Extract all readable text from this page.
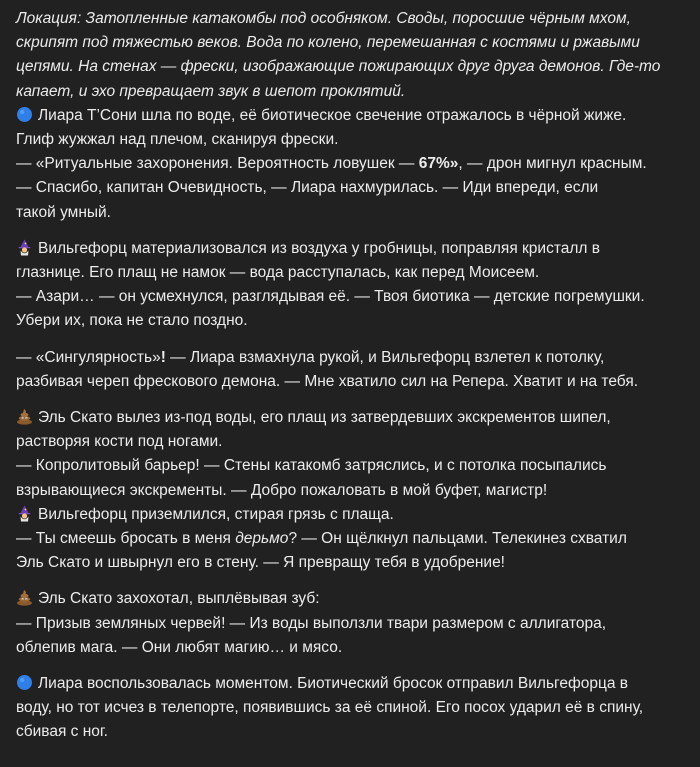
Локация: Затопленные катакомбы под особняком. Своды, поросшие чёрным мхом,
скрипят под тяжестью веков. Вода по колено, перемешанная с костями и ржавыми
цепями. На стенах — фрески, изображающие пожирающих друг друга демонов. Где-то
капает, и эхо превращает звук в шепот проклятий.
Лиара Т’Сони шла по воде, её биотическое свечение отражалось в чёрной жиже.
Глиф жужжал над плечом, сканируя фрески.
— «Ритуальные захоронения. Вероятность ловушек — 67%», — дрон мигнул красным.
— Спасибо, капитан Очевидность, — Лиара нахмурилась. — Иди впереди, если
такой умный.
Вильгефорц материализовался из воздуха у гробницы, поправляя кристалл в
глазнице. Его плащ не намок — вода расступалась, как перед Моисеем.
— Азари… — он усмехнулся, разглядывая её. — Твоя биотика — детские погремушки.
Убери их, пока не стало поздно.
— «Сингулярность»! — Лиара взмахнула рукой, и Вильгефорц взлетел к потолку,
разбивая череп фрескового демона. — Мне хватило сил на Репера. Хватит и на тебя.
Эль Скато вылез из-под воды, его плащ из затвердевших экскрементов шипел,
растворяя кости под ногами.
— Копролитовый барьер! — Стены катакомб затряслись, и с потолка посыпались
взрывающиеся экскременты. — Добро пожаловать в мой буфет, магистр!
Вильгефорц приземлился, стирая грязь с плаща.
— Ты смеешь бросать в меня дерьмо? — Он щёлкнул пальцами. Телекинез схватил
Эль Скато и швырнул его в стену. — Я превращу тебя в удобрение!
Эль Скато захохотал, выплёвывая зуб:
— Призыв земляных червей! — Из воды выползли твари размером с аллигатора,
облепив мага. — Они любят магию… и мясо.
Лиара воспользовалась моментом. Биотический бросок отправил Вильгефорца в
воду, но тот исчез в телепорте, появившись за её спиной. Его посох ударил её в спину,
сбивая с ног.
